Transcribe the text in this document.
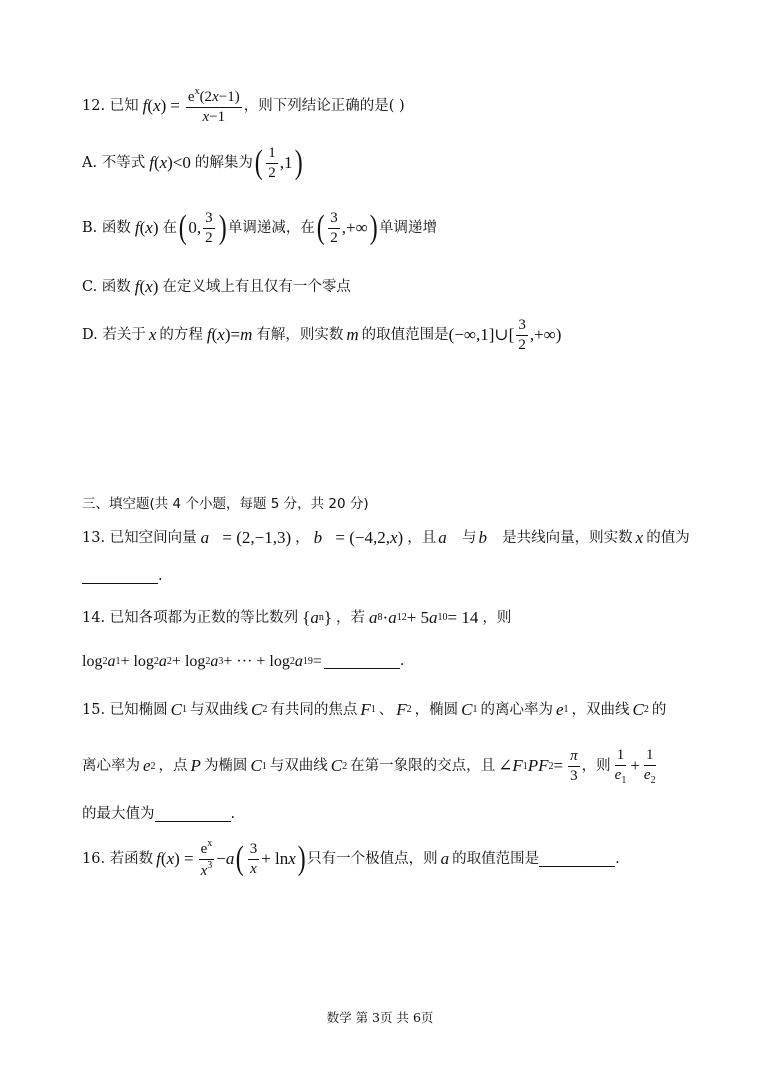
12. 已知 f ( x ) = $\frac{e^x(2x-1)}{x-1}$ ，则下列结论正确的是( )
A. 不等式 f ( x ) <0 的解集为 ( $\frac{1}{2} ,1$ )
B. 函数 f ( x ) 在 ( 0, $\frac{3}{2}$ ) 单调递减，在 ( $\frac{3}{2}$ ,+∞ ) 单调递增
C. 函数 f ( x ) 在定义域上有且仅有一个零点
D. 若关于 x 的方程 f ( x ) = m 有解，则实数 m 的取值范围是 (−∞,1]∪[ $\frac{3}{2}$ ,+∞)
三、填空题(共 4 个小题，每题 5 分，共 20 分)
13. 已知空间向量 a⃗ = (2,−1,3) ， b⃗ = (−4,2, x ) ，且 a⃗ 与 b⃗ 是共线向量，则实数 x 的值为
.
14. 已知各项都为正数的等比数列 { a n } ，若 a 8 · a 12 + 5 a 10 = 14 ，则
log 2 a 1 + log 2 a 2 + log 2 a 3 + ··· + log 2 a 19 =	.
15. 已知椭圆 C 1 与双曲线 C 2 有共同的焦点 F 1 、 F 2 ，椭圆 C 1 的离心率为 e 1 ，双曲线 C 2 的
离心率为 e 2 ，点 P 为椭圆 C 1 与双曲线 C 2 在第一象限的交点，且 ∠ F 1 PF $2 = \frac{\pi}{3}$ ，则 $\frac{1}{e_1} + \frac{1}{e_2}$
的最大值为	.
16. 若函数 f ( x ) = $\frac{e^x}{x^3} - a$ ( $\frac{3}{x} + \ln x$ ) 只有一个极值点，则 a 的取值范围是	.
数学 第 3页 共 6页
